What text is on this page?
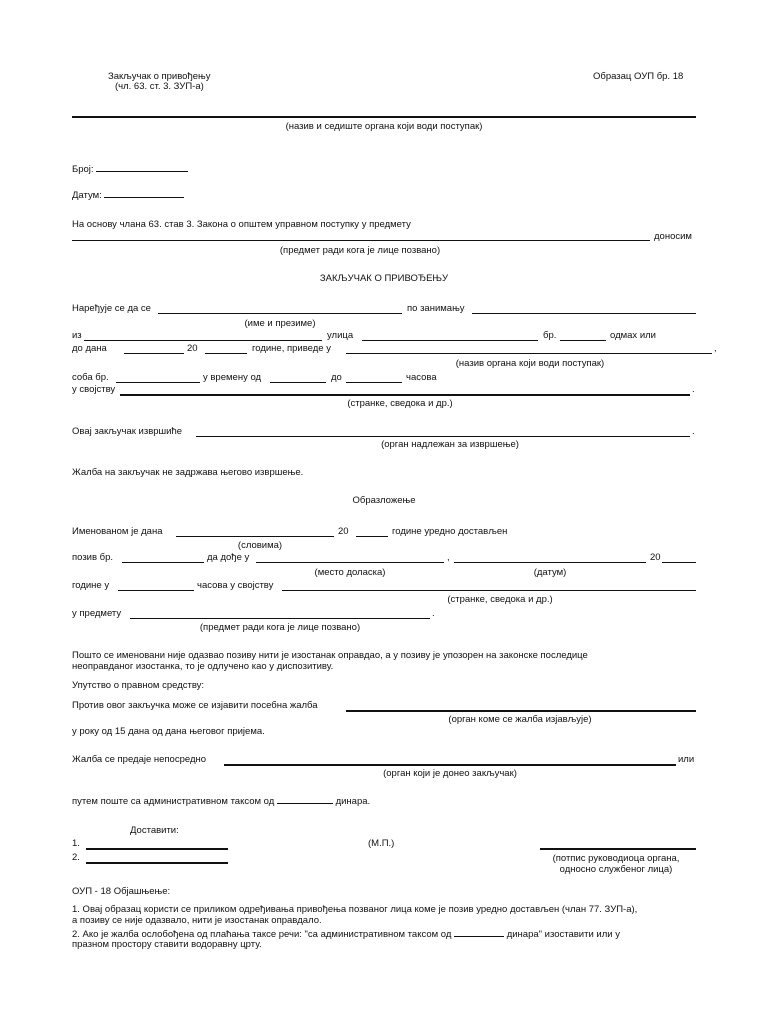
Закључак о привођењу
(чл. 63. ст. 3. ЗУП-а)
Образац ОУП бр. 18
(назив и седиште органа који води поступак)
Број:
Датум:
На основу члана 63. став 3. Закона о општем управном поступку у предмету
доносим
(предмет ради кога је лице позвано)
ЗАКЉУЧАК О ПРИВОЂЕЊУ
Наређује се да се	по занимању
(име и презиме)
из	улица	бр.	одмах или
до дана	20	године, приведе у	,
(назив органа који води поступак)
соба бр.	у времену од	до	часова
у својству	.
(странке, сведока и др.)
Овај закључак извршиће	.
(орган надлежан за извршење)
Жалба на закључак не задржава његово извршење.
Образложење
Именованом је дана	20	године уредно достављен
(словима)
позив бр.	да дође у	,	20
(место доласка)	(датум)
године у	часова у својству
(странке, сведока и др.)
у предмету	.
(предмет ради кога је лице позвано)
Пошто се именовани није одазвао позиву нити је изостанак оправдао, а у позиву је упозорен на законске последице
неоправданог изостанка, то је одлучено као у диспозитиву.
Упутство о правном средству:
Против овог закључка може се изјавити посебна жалба
(орган коме се жалба изјављује)
у року од 15 дана од дана његовог пријема.
Жалба се предаје непосредно	или
(орган који је донео закључак)
путем поште са административном таксом од	динара.
Доставити:
1.
2.
(М.П.)
(потпис руководиоца органа,
односно службеног лица)
ОУП - 18 Објашњење:
1. Овај образац користи се приликом одређивања привођења позваног лица коме је позив уредно достављен (члан 77. ЗУП-а),
а позиву се није одазвало, нити је изостанак оправдало.
2. Ако је жалба ослобођена од плаћања таксе речи: "са административном таксом од	динара" изоставити или у
празном простору ставити водоравну црту.
